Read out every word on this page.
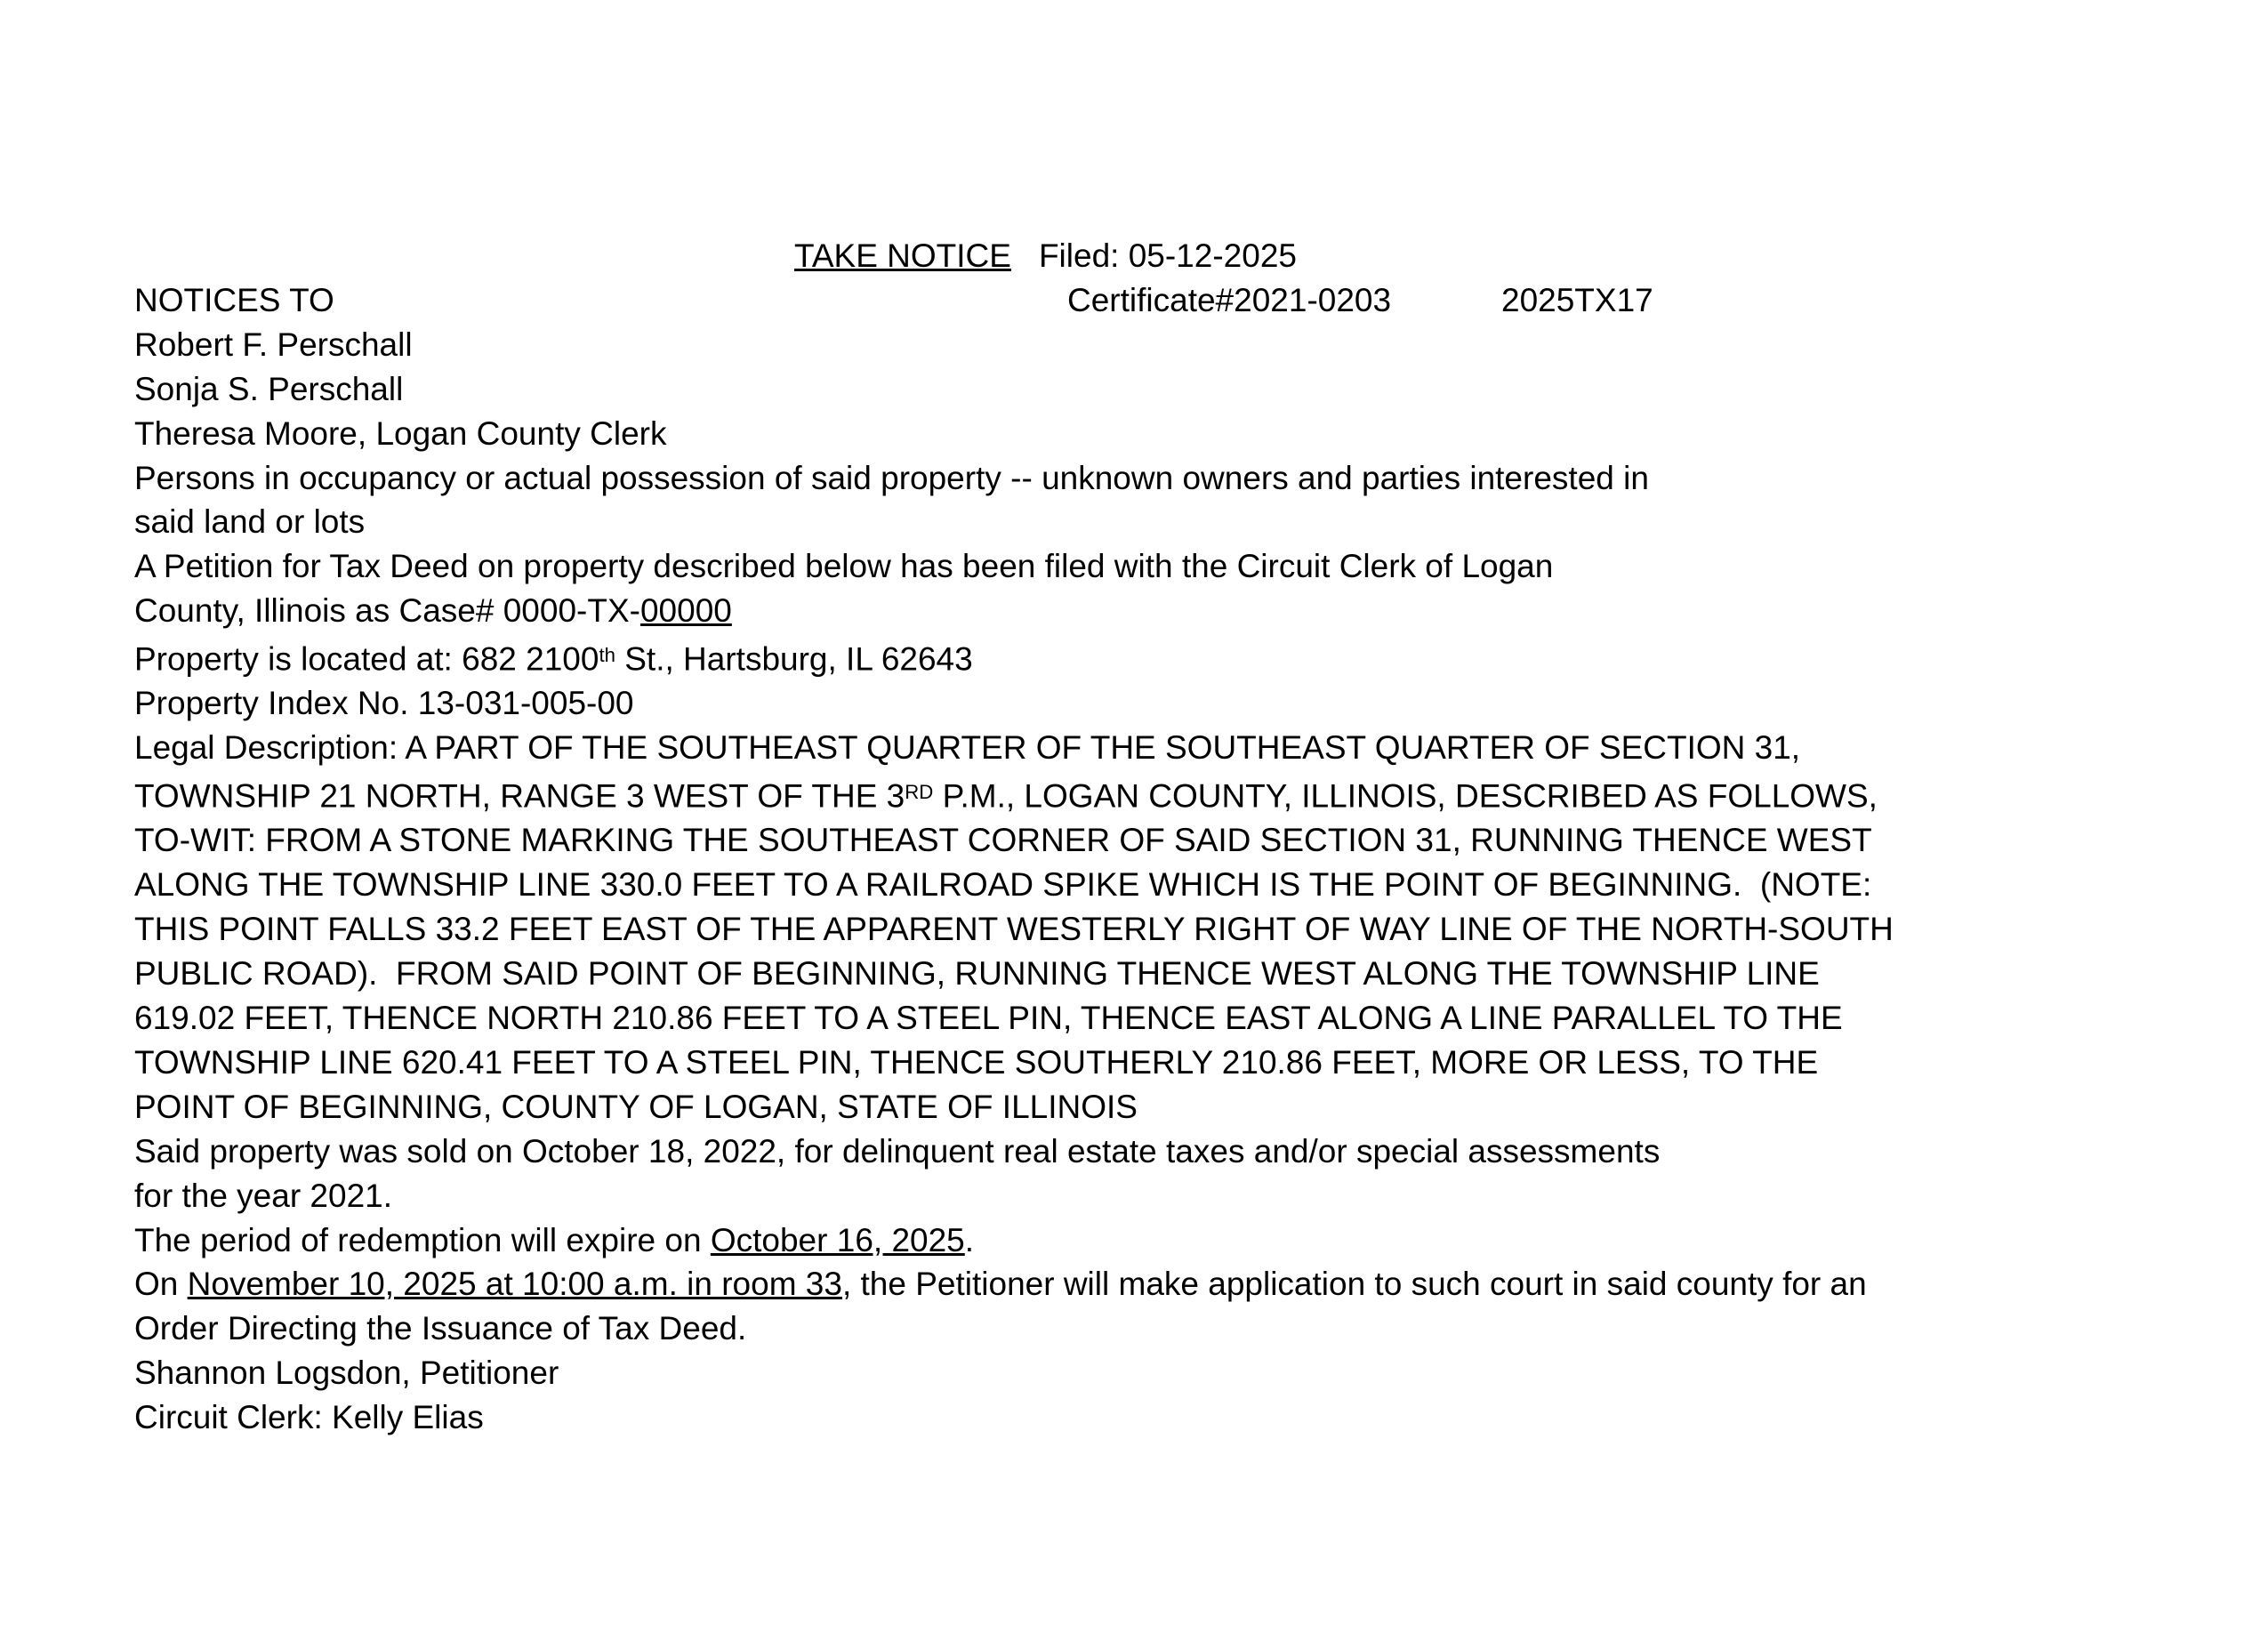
TAKE NOTICE Filed: 05-12-2025
NOTICES TO	Certificate#2021-0203	2025TX17
Robert F. Perschall
Sonja S. Perschall
Theresa Moore, Logan County Clerk
Persons in occupancy or actual possession of said property -- unknown owners and parties interested in
said land or lots
A Petition for Tax Deed on property described below has been filed with the Circuit Clerk of Logan
County, Illinois as Case# 0000-TX-00000
Property is located at: 682 2100th St., Hartsburg, IL 62643
Property Index No. 13-031-005-00
Legal Description: A PART OF THE SOUTHEAST QUARTER OF THE SOUTHEAST QUARTER OF SECTION 31,
TOWNSHIP 21 NORTH, RANGE 3 WEST OF THE 3RD P.M., LOGAN COUNTY, ILLINOIS, DESCRIBED AS FOLLOWS,
TO-WIT: FROM A STONE MARKING THE SOUTHEAST CORNER OF SAID SECTION 31, RUNNING THENCE WEST
ALONG THE TOWNSHIP LINE 330.0 FEET TO A RAILROAD SPIKE WHICH IS THE POINT OF BEGINNING.  (NOTE:
THIS POINT FALLS 33.2 FEET EAST OF THE APPARENT WESTERLY RIGHT OF WAY LINE OF THE NORTH-SOUTH
PUBLIC ROAD).  FROM SAID POINT OF BEGINNING, RUNNING THENCE WEST ALONG THE TOWNSHIP LINE
619.02 FEET, THENCE NORTH 210.86 FEET TO A STEEL PIN, THENCE EAST ALONG A LINE PARALLEL TO THE
TOWNSHIP LINE 620.41 FEET TO A STEEL PIN, THENCE SOUTHERLY 210.86 FEET, MORE OR LESS, TO THE
POINT OF BEGINNING, COUNTY OF LOGAN, STATE OF ILLINOIS
Said property was sold on October 18, 2022, for delinquent real estate taxes and/or special assessments
for the year 2021.
The period of redemption will expire on October 16, 2025.
On November 10, 2025 at 10:00 a.m. in room 33, the Petitioner will make application to such court in said county for an
Order Directing the Issuance of Tax Deed.
Shannon Logsdon, Petitioner
Circuit Clerk: Kelly Elias
